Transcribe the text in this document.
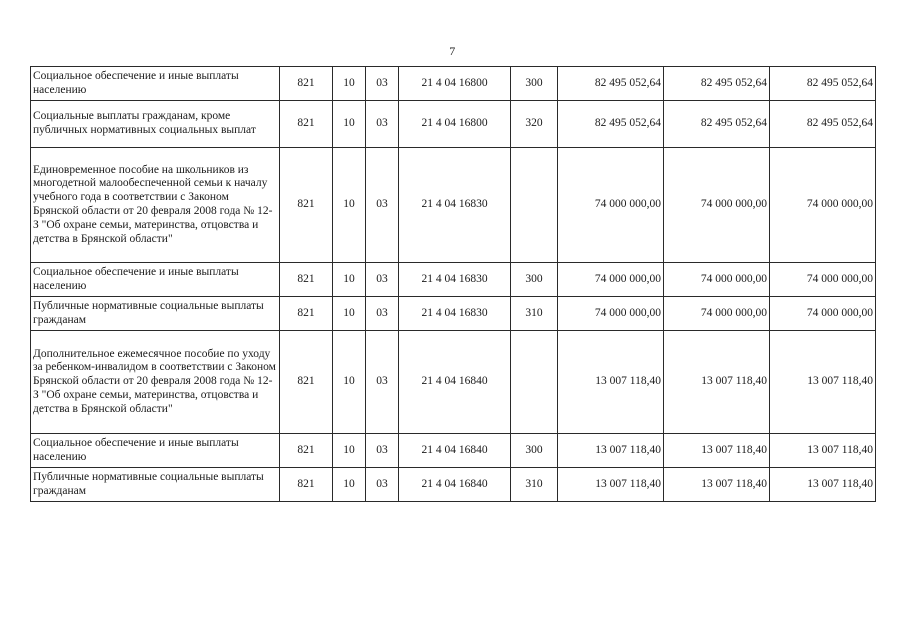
7
Социальное обеспечение и иные выплаты населению	821	10	03	21 4 04 16800	300	82 495 052,64	82 495 052,64	82 495 052,64
Социальные выплаты гражданам, кроме публичных нормативных социальных выплат	821	10	03	21 4 04 16800	320	82 495 052,64	82 495 052,64	82 495 052,64
Единовременное пособие на школьников из многодетной малообеспеченной семьи к началу учебного года в соответствии с Законом Брянской области от 20 февраля 2008 года № 12-З "Об охране семьи, материнства, отцовства и детства в Брянской области"	821	10	03	21 4 04 16830		74 000 000,00	74 000 000,00	74 000 000,00
Социальное обеспечение и иные выплаты населению	821	10	03	21 4 04 16830	300	74 000 000,00	74 000 000,00	74 000 000,00
Публичные нормативные социальные выплаты гражданам	821	10	03	21 4 04 16830	310	74 000 000,00	74 000 000,00	74 000 000,00
Дополнительное ежемесячное пособие по уходу за ребенком-инвалидом в соответствии с Законом Брянской области от 20 февраля 2008 года № 12-З "Об охране семьи, материнства, отцовства и детства в Брянской области"	821	10	03	21 4 04 16840		13 007 118,40	13 007 118,40	13 007 118,40
Социальное обеспечение и иные выплаты населению	821	10	03	21 4 04 16840	300	13 007 118,40	13 007 118,40	13 007 118,40
Публичные нормативные социальные выплаты гражданам	821	10	03	21 4 04 16840	310	13 007 118,40	13 007 118,40	13 007 118,40
